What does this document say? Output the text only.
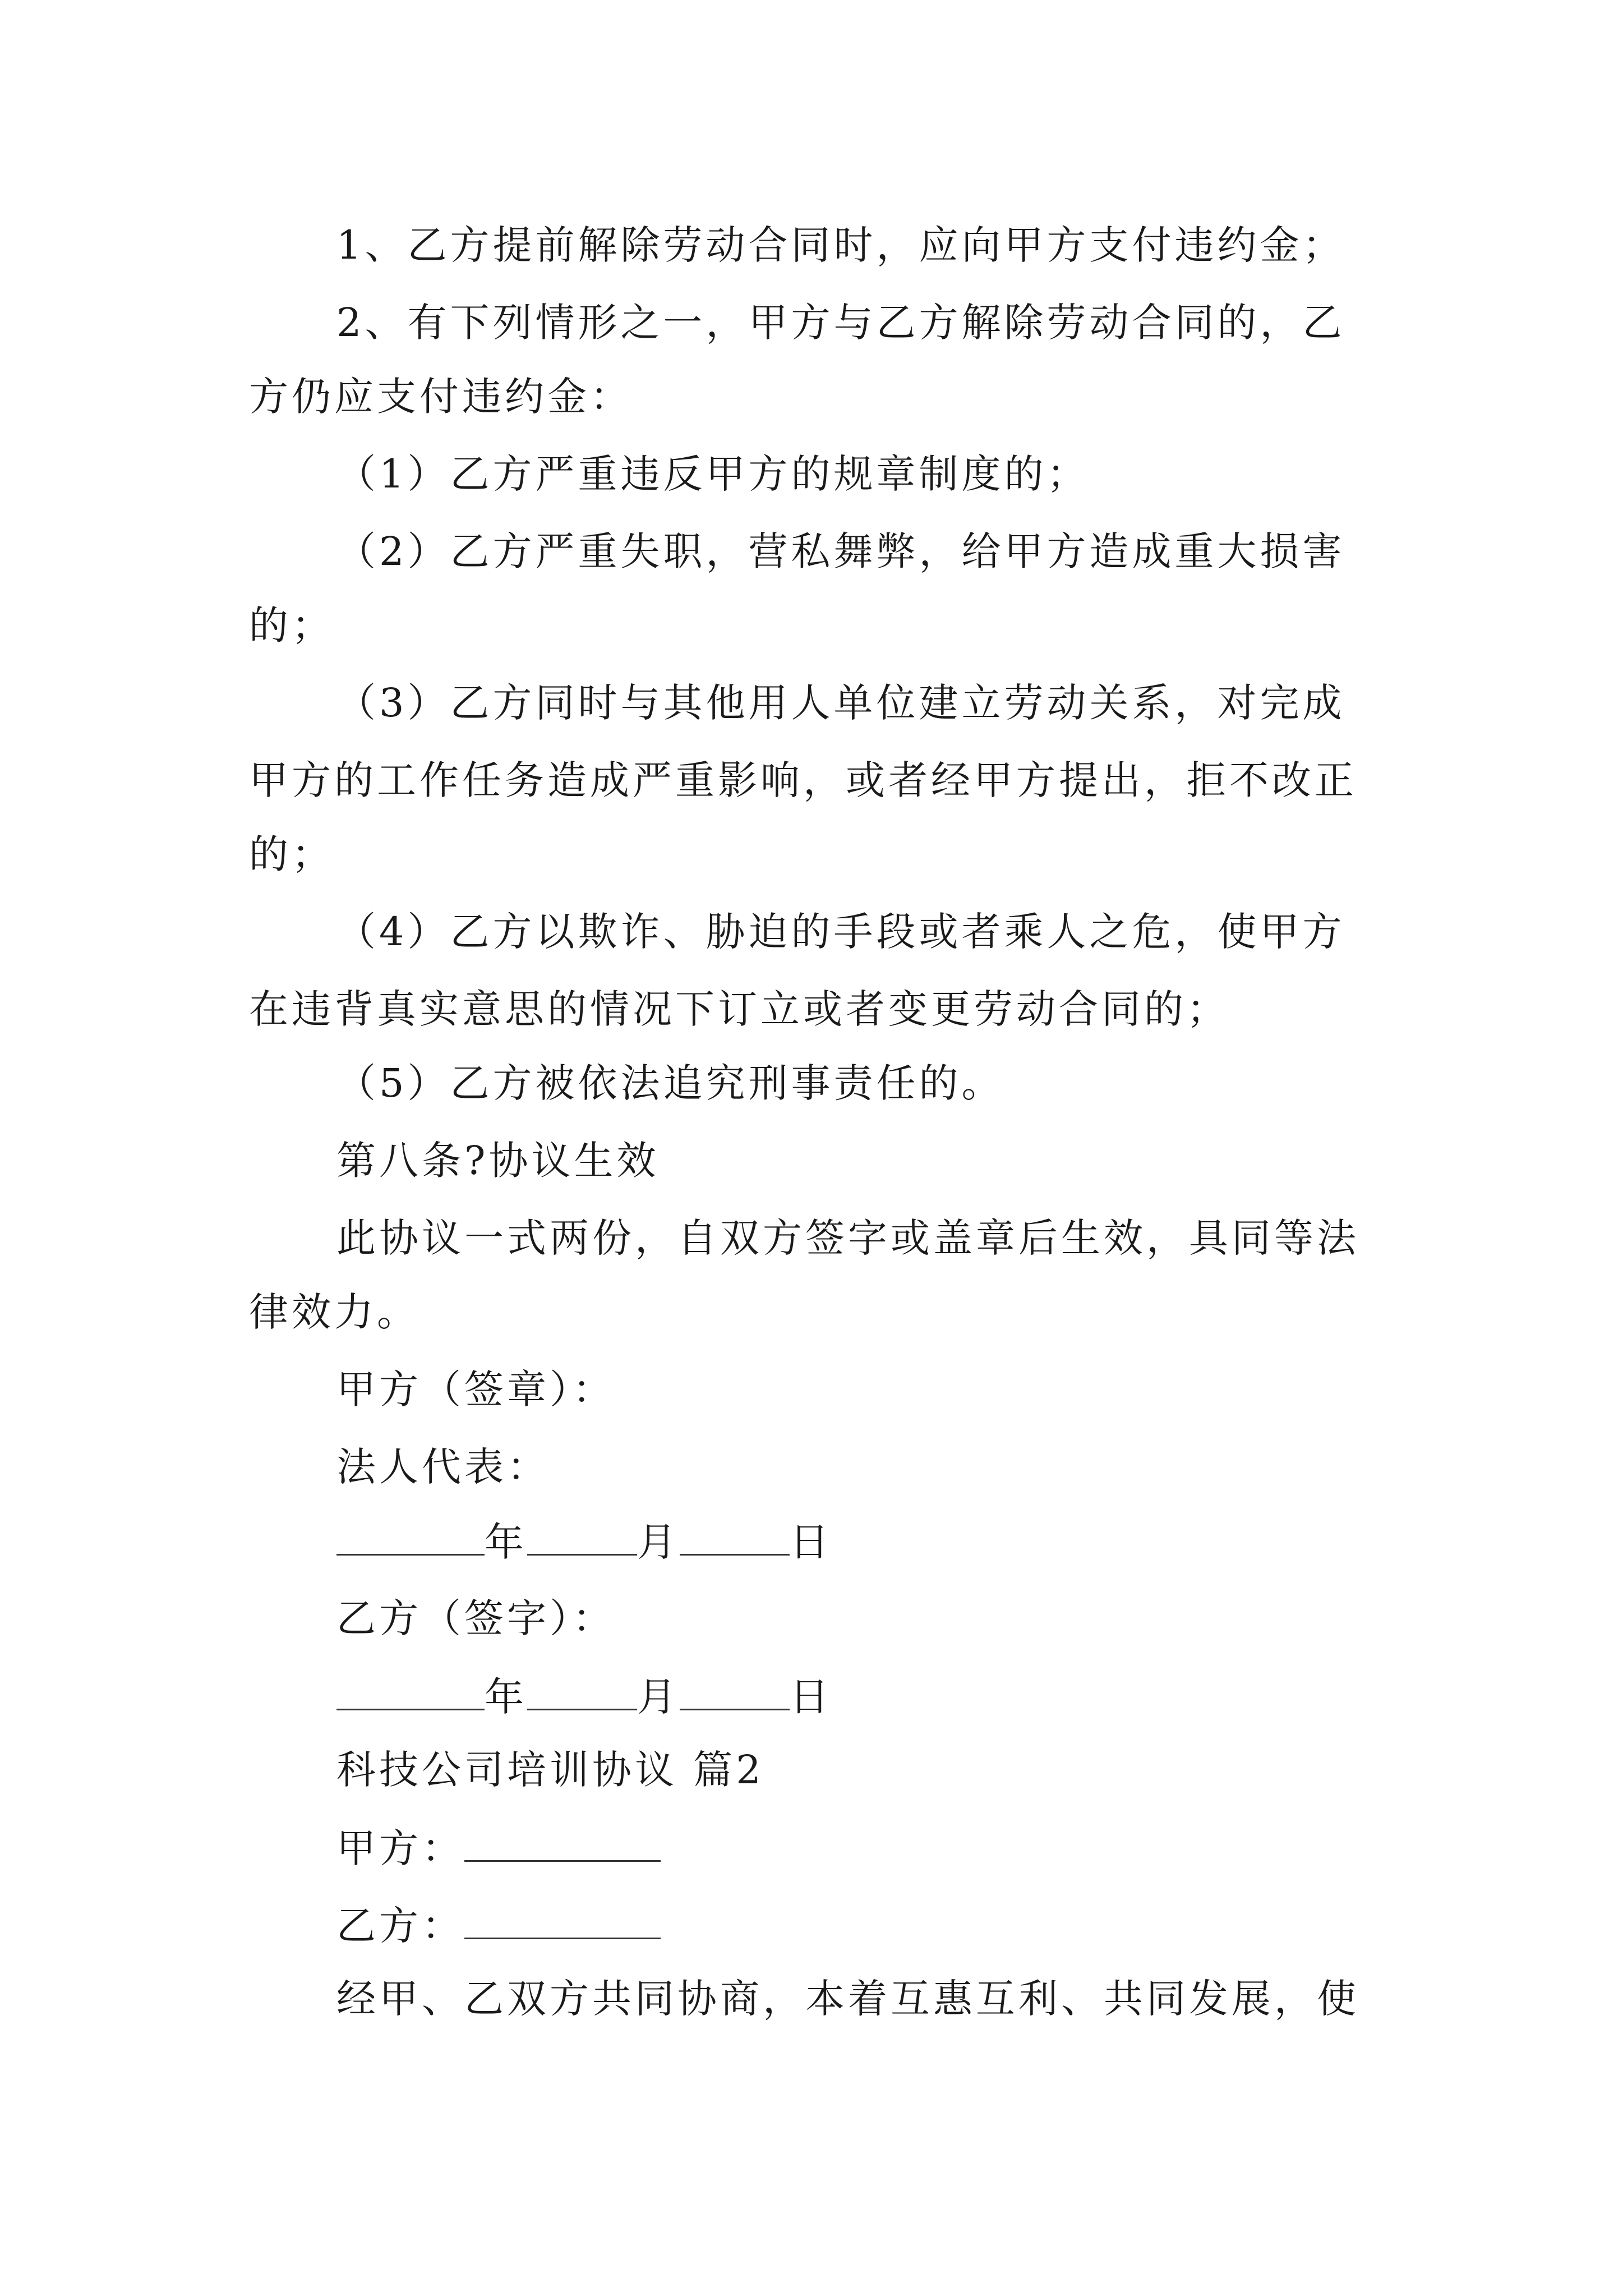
1、乙方提前解除劳动合同时，应向甲方支付违约金；
2、有下列情形之一，甲方与乙方解除劳动合同的，乙
方仍应支付违约金：
（1）乙方严重违反甲方的规章制度的；
（2）乙方严重失职，营私舞弊，给甲方造成重大损害
的；
（3）乙方同时与其他用人单位建立劳动关系，对完成
甲方的工作任务造成严重影响，或者经甲方提出，拒不改正
的；
（4）乙方以欺诈、胁迫的手段或者乘人之危，使甲方
在违背真实意思的情况下订立或者变更劳动合同的；
（5）乙方被依法追究刑事责任的。
第八条?协议生效
此协议一式两份，自双方签字或盖章后生效，具同等法
律效力。
甲方（签章）：
法人代表：
年	月	日
乙方（签字）：
年	月	日
科技公司培训协议 篇2
甲方：
乙方：
经甲、乙双方共同协商，本着互惠互利、共同发展，使
